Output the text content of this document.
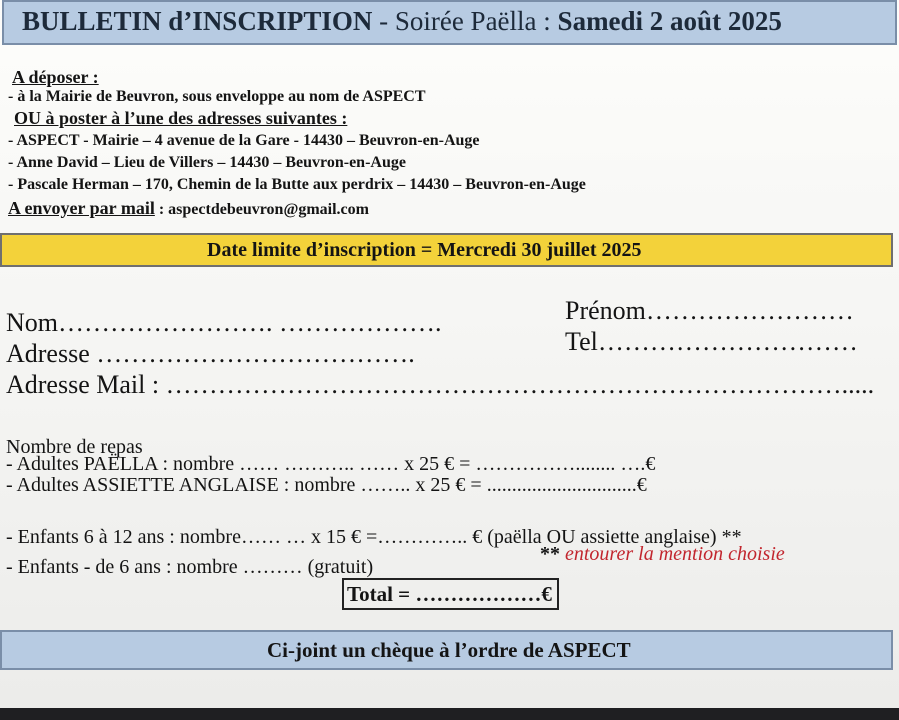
BULLETIN d’INSCRIPTION - Soirée Paëlla : Samedi 2 août 2025
A déposer :
- à la Mairie de Beuvron, sous enveloppe au nom de ASPECT
OU à poster à l’une des adresses suivantes :
- ASPECT - Mairie – 4 avenue de la Gare - 14430 – Beuvron-en-Auge
- Anne David – Lieu de Villers – 14430 – Beuvron-en-Auge
- Pascale Herman – 170, Chemin de la Butte aux perdrix – 14430 – Beuvron-en-Auge
A envoyer par mail : aspectdebeuvron@gmail.com
Date limite d’inscription = Mercredi 30 juillet 2025
Nom……………………. ……………….	Prénom……………………
Adresse ……………………………….	Tel…………………………
Adresse Mail : …………………………………………………………………….....
Nombre de repas
- Adultes PAËLLA : nombre …… ……….. …… x 25 € = ……………........ ….€
- Adultes ASSIETTE ANGLAISE : nombre …….. x 25 € = ..............................€
- Enfants 6 à 12 ans : nombre…… … x 15 € =………….. € (paëlla OU assiette anglaise) **
** entourer la mention choisie
- Enfants - de 6 ans : nombre ……… (gratuit)
Total = ………………€
Ci-joint un chèque à l’ordre de ASPECT
